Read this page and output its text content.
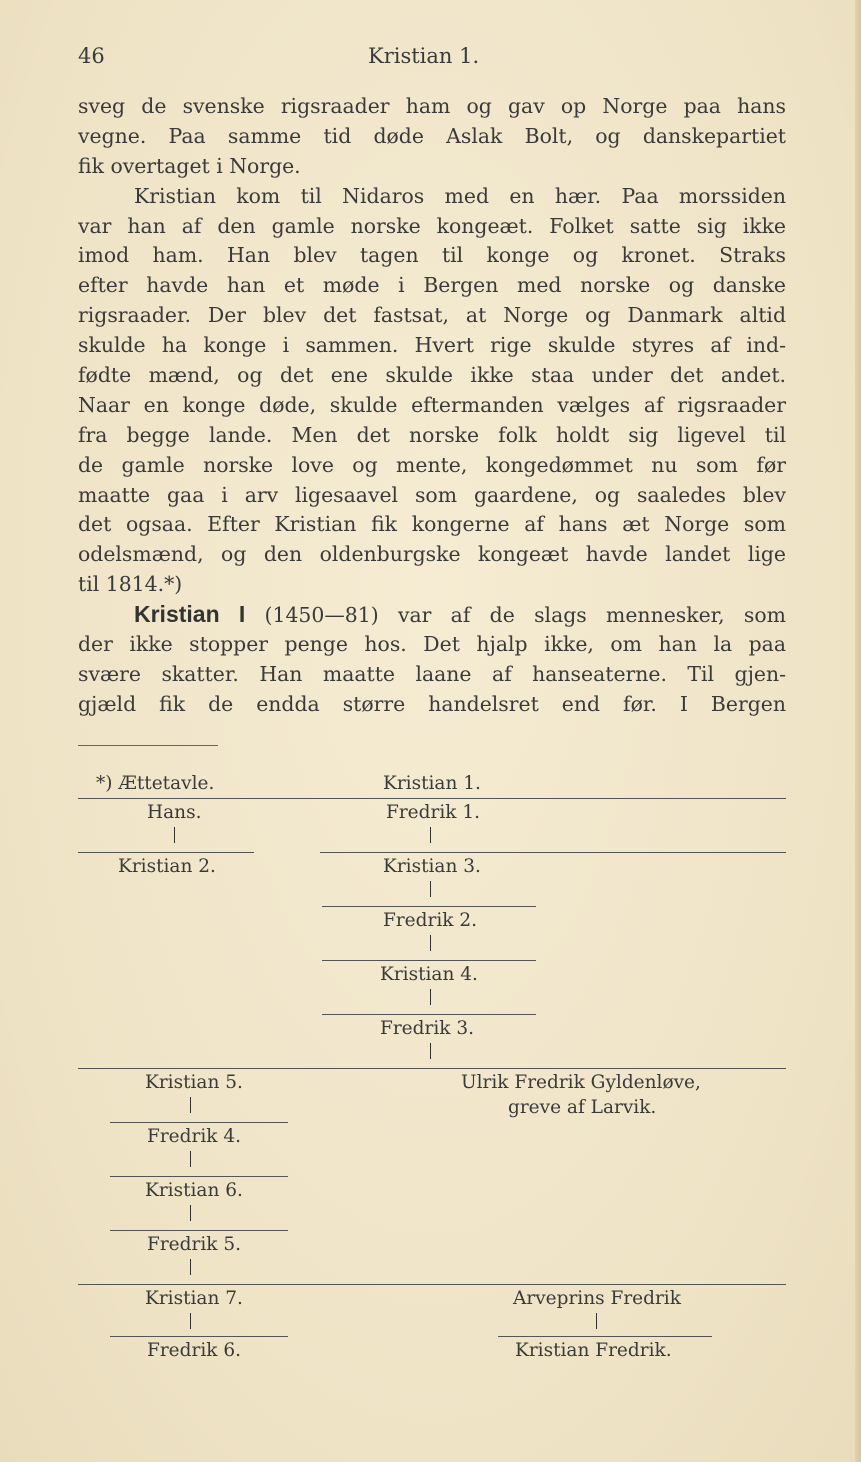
46	Kristian 1.
sveg de svenske rigsraader ham og gav op Norge paa hans
vegne. Paa samme tid døde Aslak Bolt, og danskepartiet
fik overtaget i Norge.
Kristian kom til Nidaros med en hær. Paa morssiden
var han af den gamle norske kongeæt. Folket satte sig ikke
imod ham. Han blev tagen til konge og kronet. Straks
efter havde han et møde i Bergen med norske og danske
rigsraader. Der blev det fastsat, at Norge og Danmark altid
skulde ha konge i sammen. Hvert rige skulde styres af ind-
fødte mænd, og det ene skulde ikke staa under det andet.
Naar en konge døde, skulde eftermanden vælges af rigsraader
fra begge lande. Men det norske folk holdt sig ligevel til
de gamle norske love og mente, kongedømmet nu som før
maatte gaa i arv ligesaavel som gaardene, og saaledes blev
det ogsaa. Efter Kristian fik kongerne af hans æt Norge som
odelsmænd, og den oldenburgske kongeæt havde landet lige
til 1814.*)
Kristian I (1450—81) var af de slags mennesker, som
der ikke stopper penge hos. Det hjalp ikke, om han la paa
svære skatter. Han maatte laane af hanseaterne. Til gjen-
gjæld fik de endda større handelsret end før. I Bergen
*) Ættetavle.	Kristian 1.
Hans.	Fredrik 1.
Kristian 2.	Kristian 3.
Fredrik 2.
Kristian 4.
Fredrik 3.
Kristian 5.	Ulrik Fredrik Gyldenløve,
greve af Larvik.
Fredrik 4.
Kristian 6.
Fredrik 5.
Kristian 7.	Arveprins Fredrik
Fredrik 6.	Kristian Fredrik.
